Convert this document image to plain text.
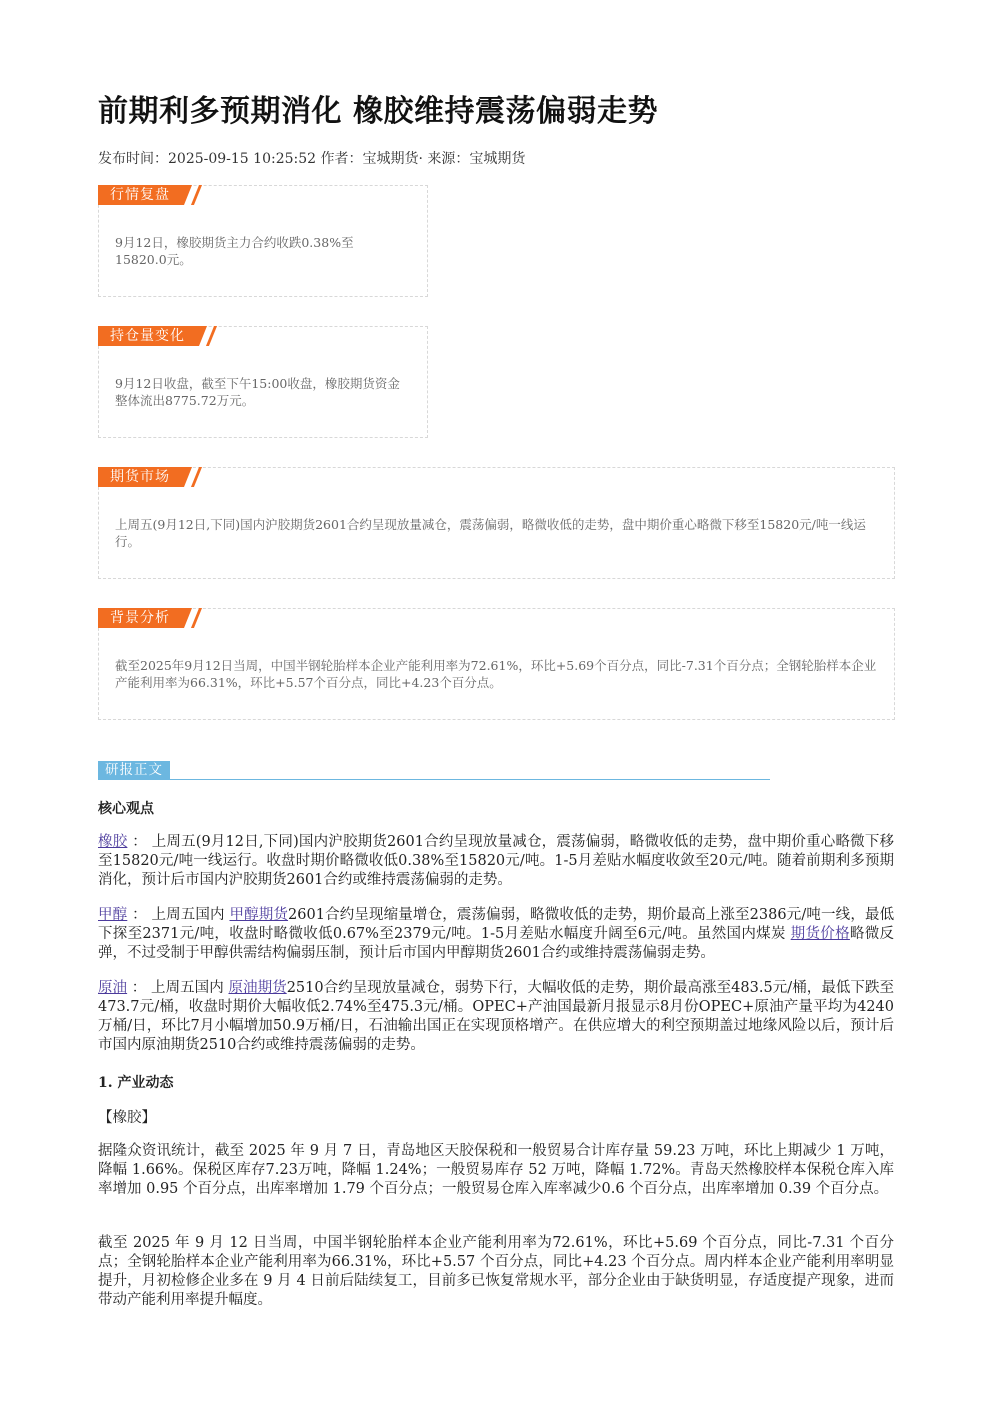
前期利多预期消化 橡胶维持震荡偏弱走势
发布时间：2025-09-15 10:25:52 作者：宝城期货· 来源：宝城期货
行情复盘
9月12日，橡胶期货主力合约收跌0.38%至15820.0元。
持仓量变化
9月12日收盘，截至下午15:00收盘，橡胶期货资金整体流出8775.72万元。
期货市场
上周五(9月12日,下同)国内沪胶期货2601合约呈现放量减仓，震荡偏弱，略微收低的走势，盘中期价重心略微下移至15820元/吨一线运行。
背景分析
截至2025年9月12日当周，中国半钢轮胎样本企业产能利用率为72.61%，环比+5.69个百分点，同比-7.31个百分点；全钢轮胎样本企业产能利用率为66.31%，环比+5.57个百分点，同比+4.23个百分点。
研报正文
核心观点
橡胶 ： 上周五(9月12日,下同)国内沪胶期货2601合约呈现放量减仓，震荡偏弱，略微收低的走势，盘中期价重心略微下移至15820元/吨一线运行。收盘时期价略微收低0.38%至15820元/吨。1-5月差贴水幅度收敛至20元/吨。随着前期利多预期消化，预计后市国内沪胶期货2601合约或维持震荡偏弱的走势。
甲醇 ： 上周五国内 甲醇期货2601合约呈现缩量增仓，震荡偏弱，略微收低的走势，期价最高上涨至2386元/吨一线，最低下探至2371元/吨，收盘时略微收低0.67%至2379元/吨。1-5月差贴水幅度升阔至6元/吨。虽然国内煤炭 期货价格略微反弹，不过受制于甲醇供需结构偏弱压制，预计后市国内甲醇期货2601合约或维持震荡偏弱走势。
原油 ： 上周五国内 原油期货2510合约呈现放量减仓，弱势下行，大幅收低的走势，期价最高涨至483.5元/桶，最低下跌至473.7元/桶，收盘时期价大幅收低2.74%至475.3元/桶。OPEC+产油国最新月报显示8月份OPEC+原油产量平均为4240万桶/日，环比7月小幅增加50.9万桶/日，石油输出国正在实现顶格增产。在供应增大的利空预期盖过地缘风险以后，预计后市国内原油期货2510合约或维持震荡偏弱的走势。
1. 产业动态
【橡胶】
据隆众资讯统计，截至 2025 年 9 月 7 日，青岛地区天胶保税和一般贸易合计库存量 59.23 万吨，环比上期减少 1 万吨，降幅 1.66%。保税区库存7.23万吨，降幅 1.24%；一般贸易库存 52 万吨，降幅 1.72%。青岛天然橡胶样本保税仓库入库率增加 0.95 个百分点，出库率增加 1.79 个百分点；一般贸易仓库入库率减少0.6 个百分点，出库率增加 0.39 个百分点。
截至 2025 年 9 月 12 日当周，中国半钢轮胎样本企业产能利用率为72.61%，环比+5.69 个百分点，同比-7.31 个百分点；全钢轮胎样本企业产能利用率为66.31%，环比+5.57 个百分点，同比+4.23 个百分点。周内样本企业产能利用率明显提升，月初检修企业多在 9 月 4 日前后陆续复工，目前多已恢复常规水平，部分企业由于缺货明显，存适度提产现象，进而带动产能利用率提升幅度。
